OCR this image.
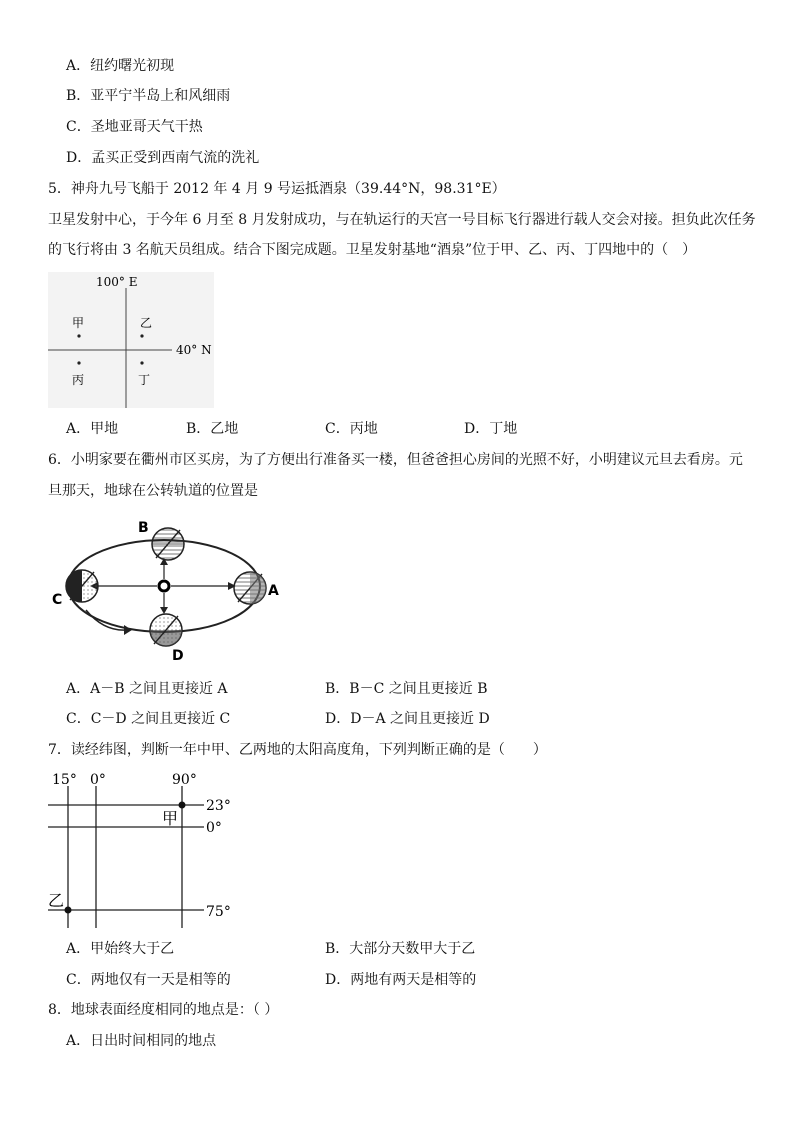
A．纽约曙光初现
B．亚平宁半岛上和风细雨
C．圣地亚哥天气干热
D．孟买正受到西南气流的洗礼
5．神舟九号飞船于 2012 年 4 月 9 号运抵酒泉（39.44°N，98.31°E）
卫星发射中心，于今年 6 月至 8 月发射成功，与在轨运行的天宫一号目标飞行器进行载人交会对接。担负此次任务
的飞行将由 3 名航天员组成。结合下图完成题。卫星发射基地“酒泉”位于甲、乙、丙、丁四地中的（　）
100° E
40° N
甲	乙
丙	丁
A．甲地	B．乙地	C．丙地	D．丁地
6．小明家要在衢州市区买房，为了方便出行准备买一楼，但爸爸担心房间的光照不好，小明建议元旦去看房。元
旦那天，地球在公转轨道的位置是
B
A
C
D
A．A－B 之间且更接近 A	B．B－C 之间且更接近 B
C．C－D 之间且更接近 C	D．D－A 之间且更接近 D
7．读经纬图，判断一年中甲、乙两地的太阳高度角，下列判断正确的是（　　）
15° 0°	90°
23°
0°
75°
甲
乙
A．甲始终大于乙	B．大部分天数甲大于乙
C．两地仅有一天是相等的	D．两地有两天是相等的
8．地球表面经度相同的地点是：（ ）
A．日出时间相同的地点
